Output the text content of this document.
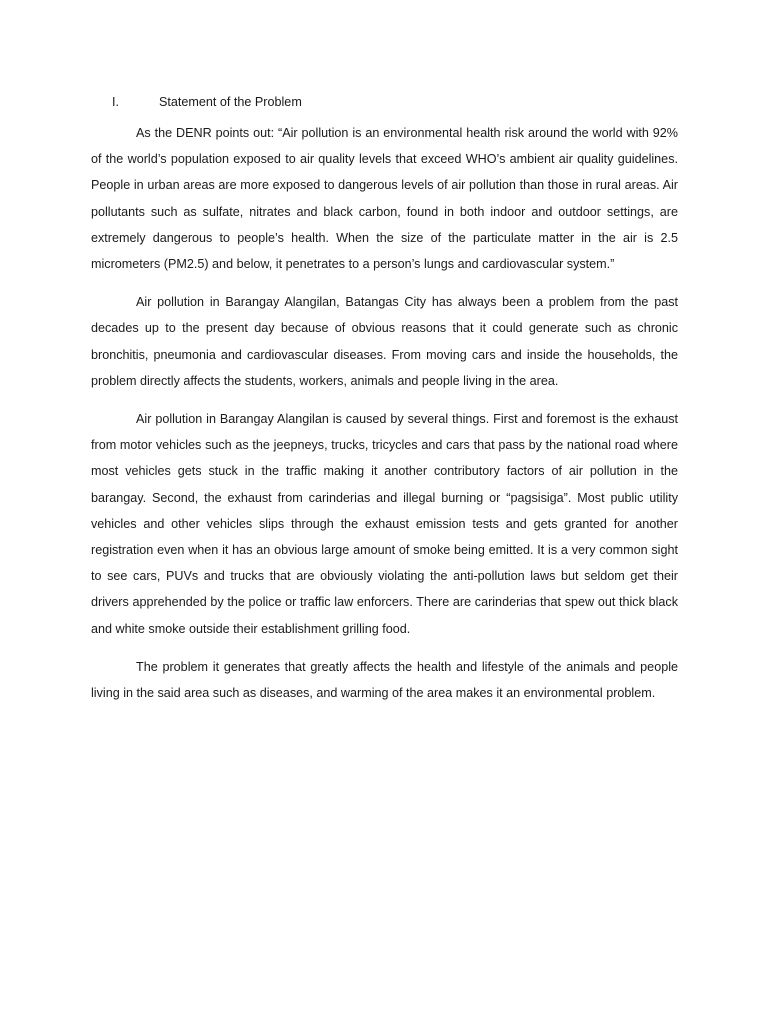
I.	Statement of the Problem

As the DENR points out: “Air pollution is an environmental health risk around the world with 92% of the world’s population exposed to air quality levels that exceed WHO’s ambient air quality guidelines. People in urban areas are more exposed to dangerous levels of air pollution than those in rural areas. Air pollutants such as sulfate, nitrates and black carbon, found in both indoor and outdoor settings, are extremely dangerous to people’s health. When the size of the particulate matter in the air is 2.5 micrometers (PM2.5) and below, it penetrates to a person’s lungs and cardiovascular system.”

Air pollution in Barangay Alangilan, Batangas City has always been a problem from the past decades up to the present day because of obvious reasons that it could generate such as chronic bronchitis, pneumonia and cardiovascular diseases. From moving cars and inside the households, the problem directly affects the students, workers, animals and people living in the area.

Air pollution in Barangay Alangilan is caused by several things. First and foremost is the exhaust from motor vehicles such as the jeepneys, trucks, tricycles and cars that pass by the national road where most vehicles gets stuck in the traffic making it another contributory factors of air pollution in the barangay. Second, the exhaust from carinderias and illegal burning or “pagsisiga”. Most public utility vehicles and other vehicles slips through the exhaust emission tests and gets granted for another registration even when it has an obvious large amount of smoke being emitted. It is a very common sight to see cars, PUVs and trucks that are obviously violating the anti-pollution laws but seldom get their drivers apprehended by the police or traffic law enforcers. There are carinderias that spew out thick black and white smoke outside their establishment grilling food.

The problem it generates that greatly affects the health and lifestyle of the animals and people living in the said area such as diseases, and warming of the area makes it an environmental problem.
